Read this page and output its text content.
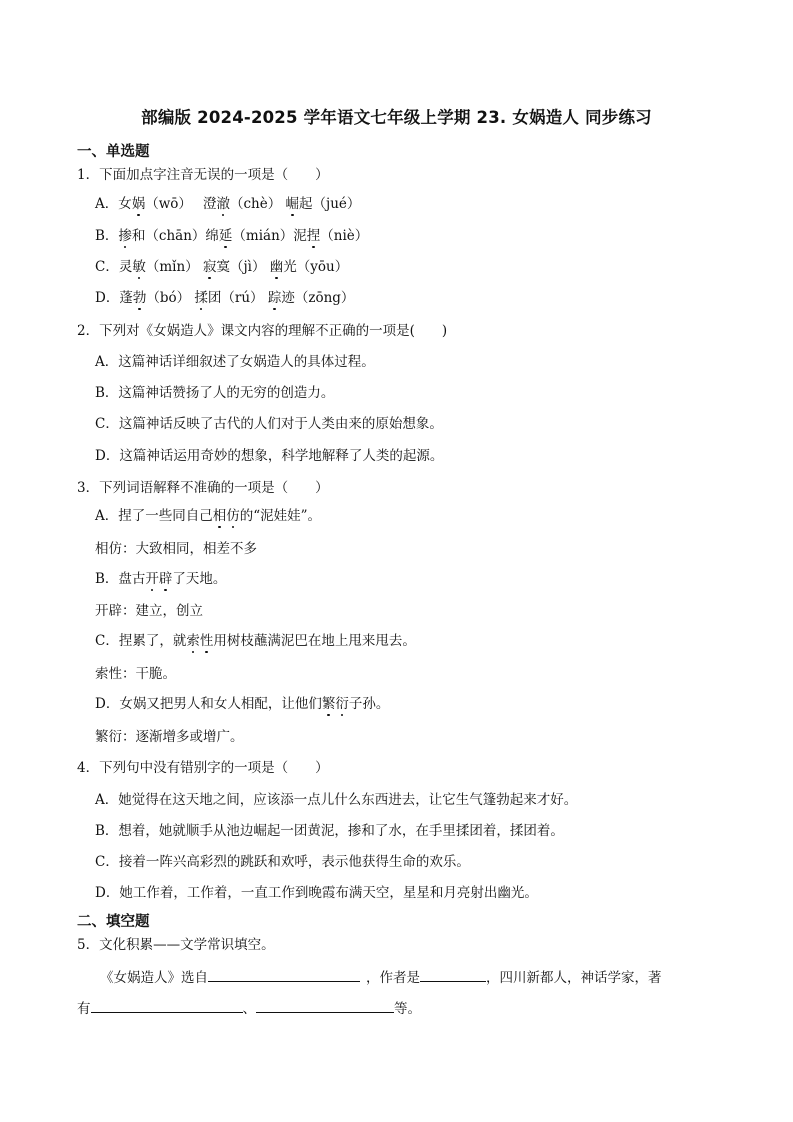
部编版 2024-2025 学年语文七年级上学期 23. 女娲造人 同步练习
一、单选题
1．下面加点字注音无误的一项是（　　）
A．女娲（wō）　 澄澈（chè） 崛起（jué）
B．掺和（chān）绵延（mián）泥捏（niè）
C．灵敏（mǐn） 寂寞（jì） 幽光（yōu）
D．蓬勃（bó） 揉团（rú） 踪迹（zōng）
2．下列对《女娲造人》课文内容的理解不正确的一项是(　　)
A．这篇神话详细叙述了女娲造人的具体过程。
B．这篇神话赞扬了人的无穷的创造力。
C．这篇神话反映了古代的人们对于人类由来的原始想象。
D．这篇神话运用奇妙的想象，科学地解释了人类的起源。
3．下列词语解释不准确的一项是（　　）
A．捏了一些同自己相仿的“泥娃娃”。
相仿：大致相同，相差不多
B．盘古开辟了天地。
开辟：建立，创立
C．捏累了，就索性用树枝蘸满泥巴在地上甩来甩去。
索性：干脆。
D．女娲又把男人和女人相配，让他们繁衍子孙。
繁衍：逐渐增多或增广。
4．下列句中没有错别字的一项是（　　）
A．她觉得在这天地之间，应该添一点儿什么东西进去，让它生气篷勃起来才好。
B．想着，她就顺手从池边崛起一团黄泥，掺和了水，在手里揉团着，揉团着。
C．接着一阵兴高彩烈的跳跃和欢呼，表示他获得生命的欢乐。
D．她工作着，工作着，一直工作到晚霞布满天空，星星和月亮射出幽光。
二、填空题
5．文化积累——文学常识填空。
《女娲造人》选自	，作者是	，四川新都人，神话学家，著
有	、	等。
